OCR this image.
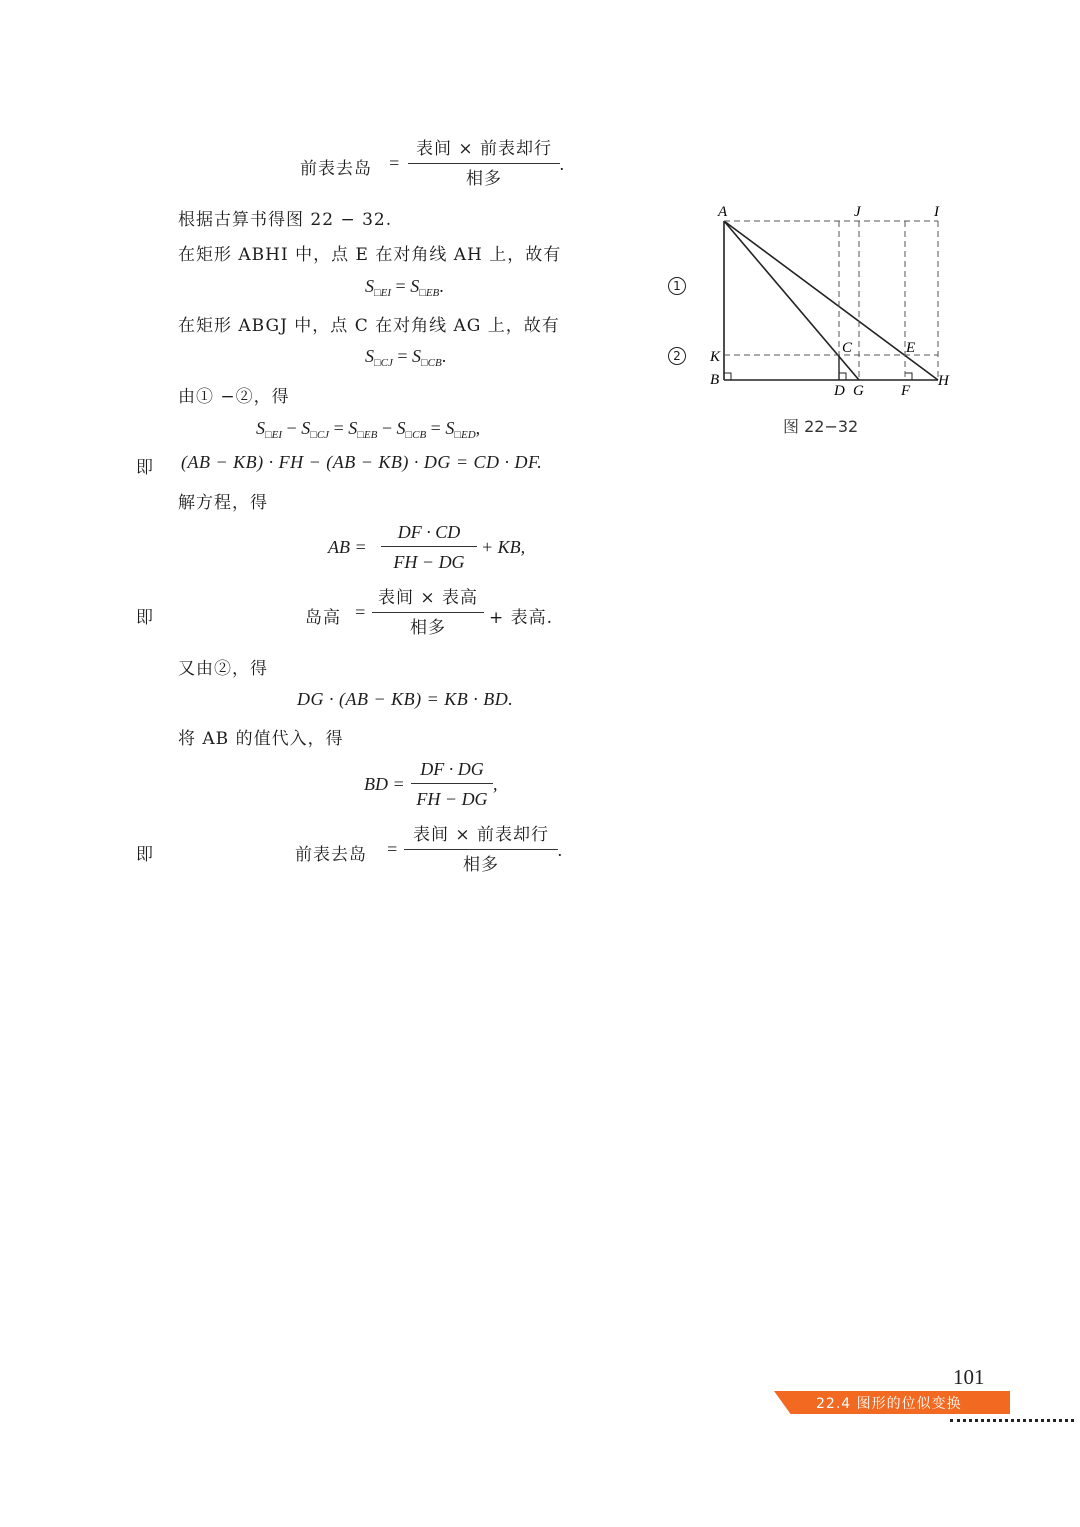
前表去岛 =
表间 × 前表却行
相多
.
根据古算书得图 22 − 32.
在矩形 ABHI 中，点 E 在对角线 AH 上，故有
$S_{□EI} = S_{□EB}$.	1
在矩形 ABGJ 中，点 C 在对角线 AG 上，故有
$S_{□CJ} = S_{□CB}$.	2
由① −②，得
$S_{□EI} - S_{□CJ} = S_{□EB} - S_{□CB} = S_{□ED}$,
即 (AB − KB) · FH − (AB − KB) · DG = CD · DF.
解方程，得
AB =
DF · CD
FH − DG
+ KB,
即	岛高 =
表间 × 表高
相多	+ 表高.
又由②，得
DG · (AB − KB) = KB · BD.
将 AB 的值代入，得
BD =
DF · DG
FH − DG
,
即	前表去岛 =
表间 × 前表却行
相多
.
A	J	I
C	E
K
B
D G F
H
图 22−32
101
22.4 图形的位似变换
